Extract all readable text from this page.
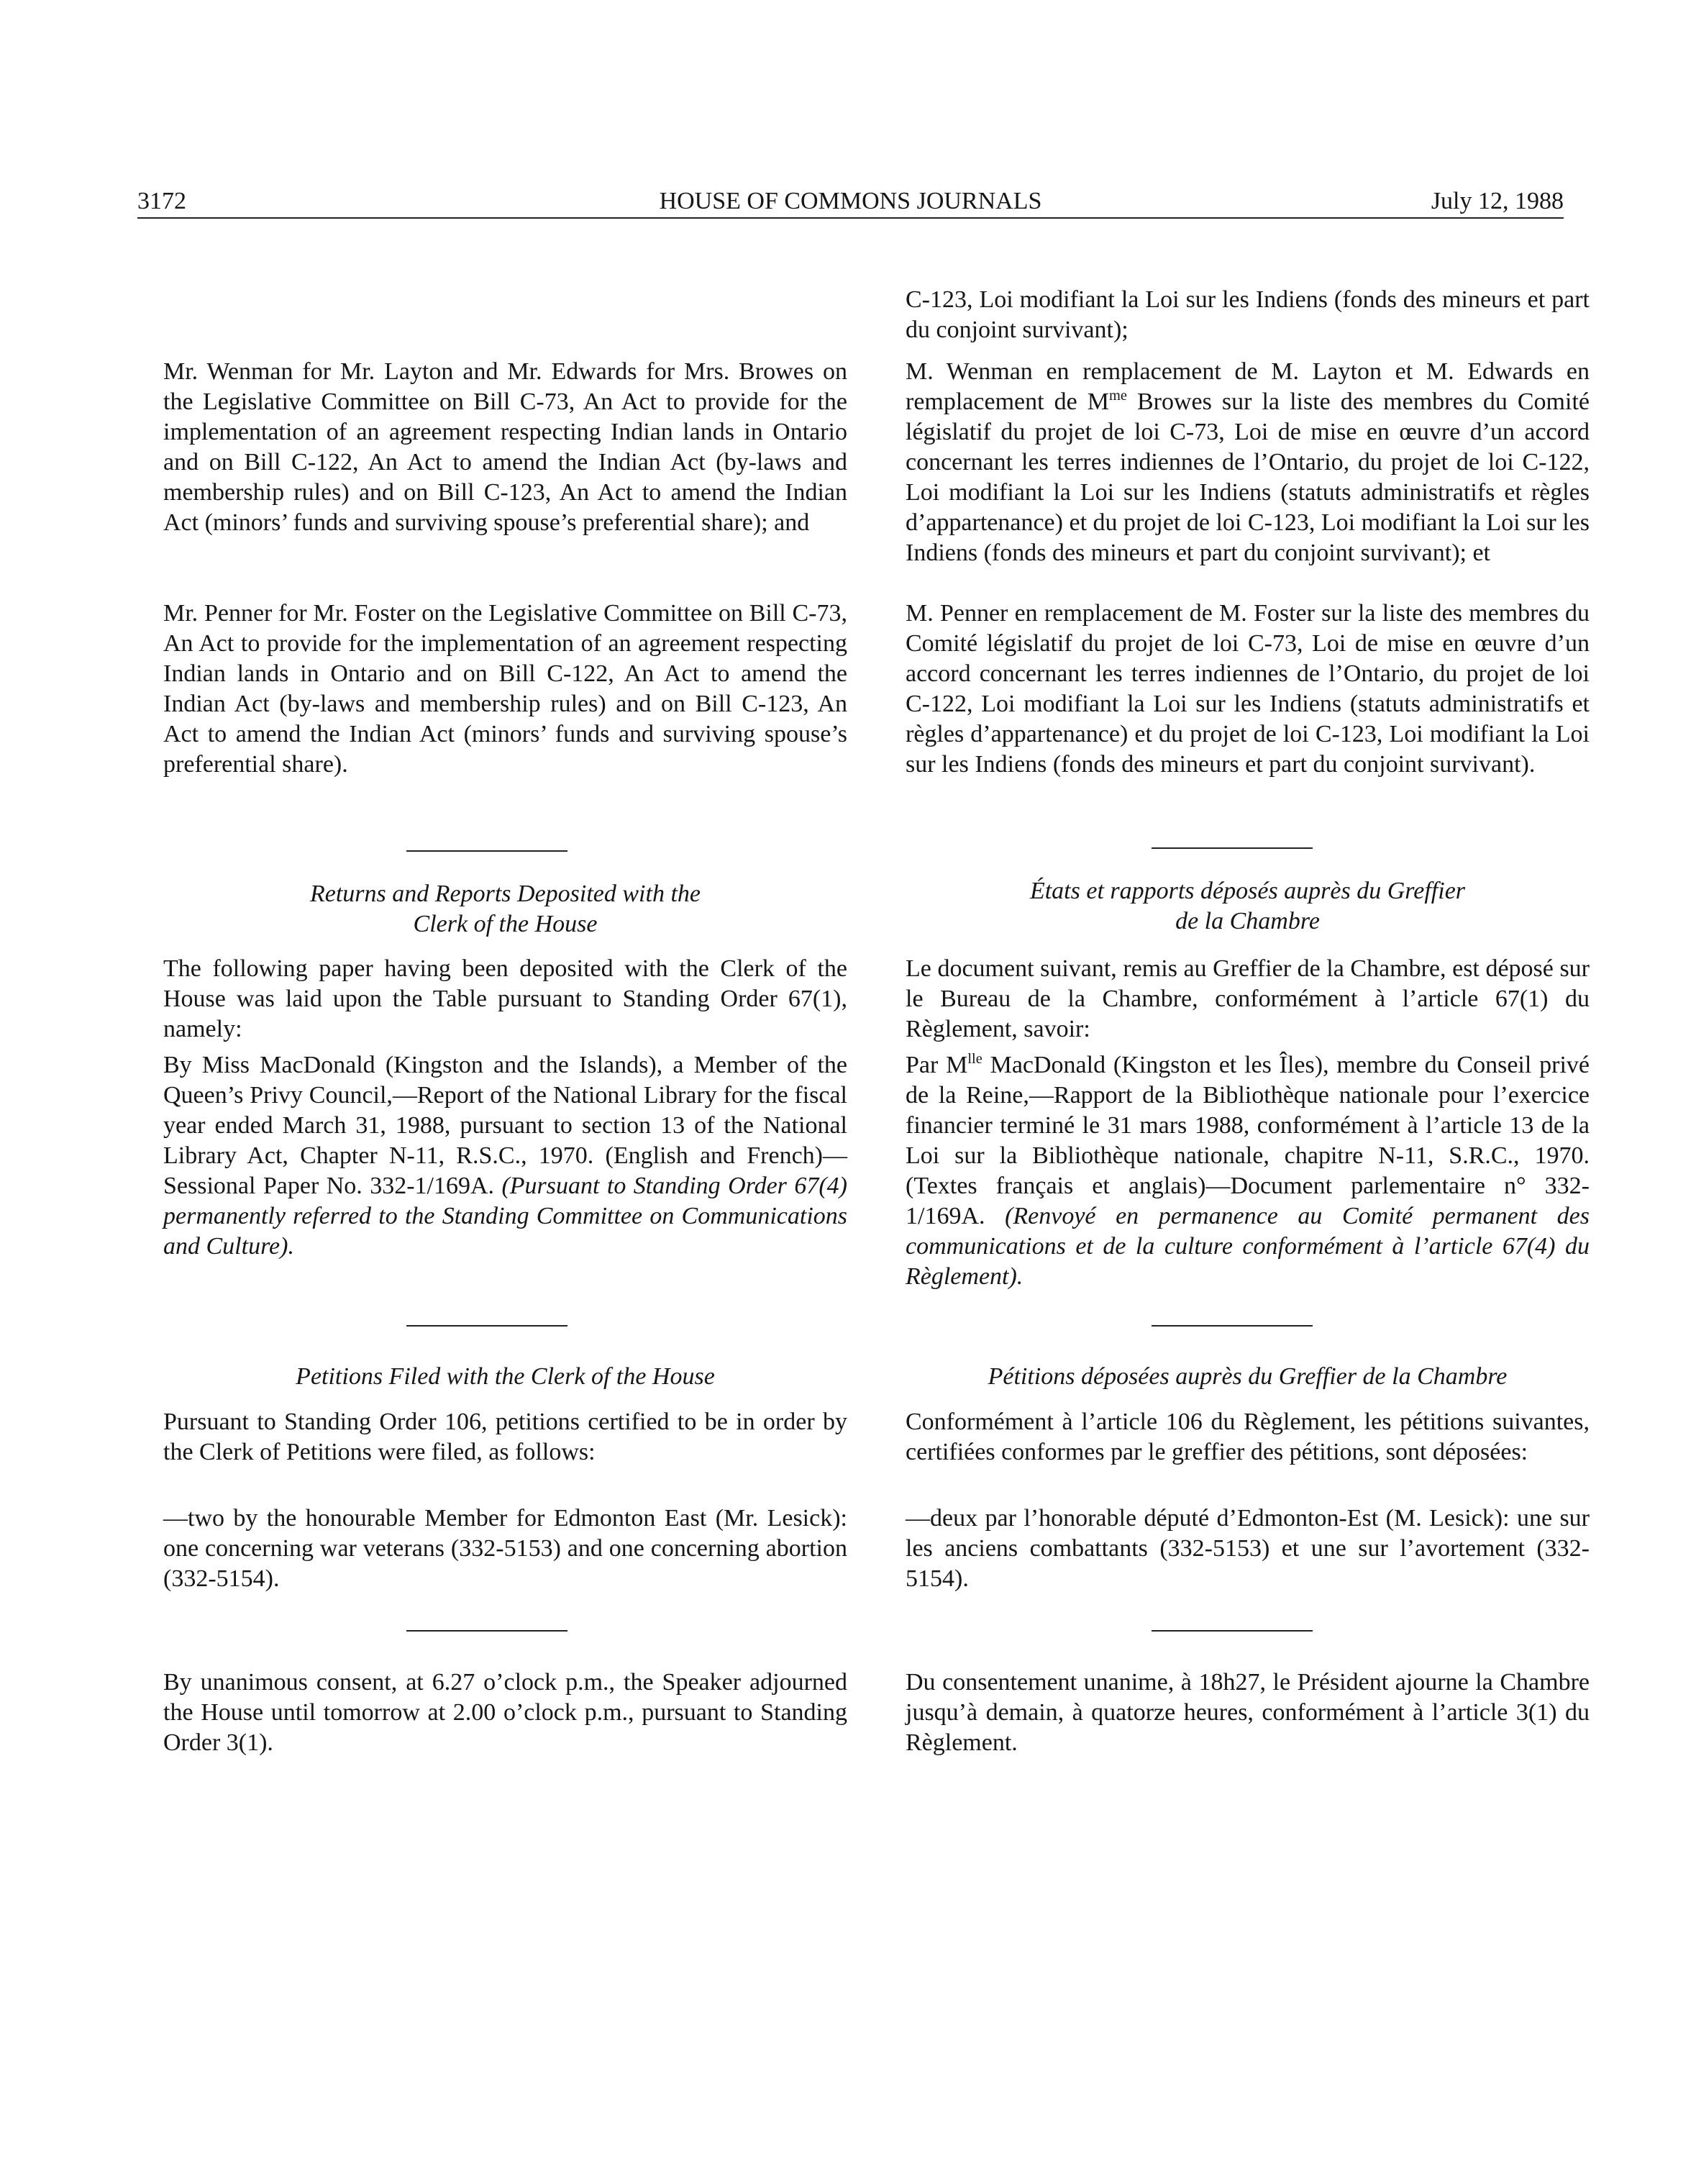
3172	HOUSE OF COMMONS JOURNALS	July 12, 1988

Mr. Wenman for Mr. Layton and Mr. Edwards for Mrs. Browes on the Legislative Committee on Bill C-73, An Act to provide for the implementation of an agreement respecting Indian lands in Ontario and on Bill C-122, An Act to amend the Indian Act (by-laws and membership rules) and on Bill C-123, An Act to amend the Indian Act (minors’ funds and surviving spouse’s preferential share); and

Mr. Penner for Mr. Foster on the Legislative Committee on Bill C-73, An Act to provide for the implementation of an agreement respecting Indian lands in Ontario and on Bill C-122, An Act to amend the Indian Act (by-laws and membership rules) and on Bill C-123, An Act to amend the Indian Act (minors’ funds and surviving spouse’s preferential share).

Returns and Reports Deposited with the
Clerk of the House

The following paper having been deposited with the Clerk of the House was laid upon the Table pursuant to Standing Order 67(1), namely:

By Miss MacDonald (Kingston and the Islands), a Member of the Queen’s Privy Council,—Report of the National Library for the fiscal year ended March 31, 1988, pursuant to section 13 of the National Library Act, Chapter N-11, R.S.C., 1970. (English and French)—Sessional Paper No. 332-1/169A. (Pursuant to Standing Order 67(4) permanently referred to the Standing Committee on Communications and Culture).

Petitions Filed with the Clerk of the House

Pursuant to Standing Order 106, petitions certified to be in order by the Clerk of Petitions were filed, as follows:

—two by the honourable Member for Edmonton East (Mr. Lesick): one concerning war veterans (332-5153) and one concerning abortion (332-5154).

By unanimous consent, at 6.27 o’clock p.m., the Speaker adjourned the House until tomorrow at 2.00 o’clock p.m., pursuant to Standing Order 3(1).

C-123, Loi modifiant la Loi sur les Indiens (fonds des mineurs et part du conjoint survivant);

M. Wenman en remplacement de M. Layton et M. Edwards en remplacement de $M^{me}$ Browes sur la liste des membres du Comité législatif du projet de loi C-73, Loi de mise en œuvre d’un accord concernant les terres indiennes de l’Ontario, du projet de loi C-122, Loi modifiant la Loi sur les Indiens (statuts administratifs et règles d’appartenance) et du projet de loi C-123, Loi modifiant la Loi sur les Indiens (fonds des mineurs et part du conjoint survivant); et

M. Penner en remplacement de M. Foster sur la liste des membres du Comité législatif du projet de loi C-73, Loi de mise en œuvre d’un accord concernant les terres indiennes de l’Ontario, du projet de loi C-122, Loi modifiant la Loi sur les Indiens (statuts administratifs et règles d’appartenance) et du projet de loi C-123, Loi modifiant la Loi sur les Indiens (fonds des mineurs et part du conjoint survivant).

États et rapports déposés auprès du Greffier
de la Chambre

Le document suivant, remis au Greffier de la Chambre, est déposé sur le Bureau de la Chambre, conformément à l’article 67(1) du Règlement, savoir:

Par $M^{lle}$ MacDonald (Kingston et les Îles), membre du Conseil privé de la Reine,—Rapport de la Bibliothèque nationale pour l’exercice financier terminé le 31 mars 1988, conformément à l’article 13 de la Loi sur la Bibliothèque nationale, chapitre N-11, S.R.C., 1970. (Textes français et anglais)—Document parlementaire n° 332-1/169A. (Renvoyé en permanence au Comité permanent des communications et de la culture conformément à l’article 67(4) du Règlement).

Pétitions déposées auprès du Greffier de la Chambre

Conformément à l’article 106 du Règlement, les pétitions suivantes, certifiées conformes par le greffier des pétitions, sont déposées:

—deux par l’honorable député d’Edmonton-Est (M. Lesick): une sur les anciens combattants (332-5153) et une sur l’avortement (332-5154).

Du consentement unanime, à 18h27, le Président ajourne la Chambre jusqu’à demain, à quatorze heures, conformément à l’article 3(1) du Règlement.
